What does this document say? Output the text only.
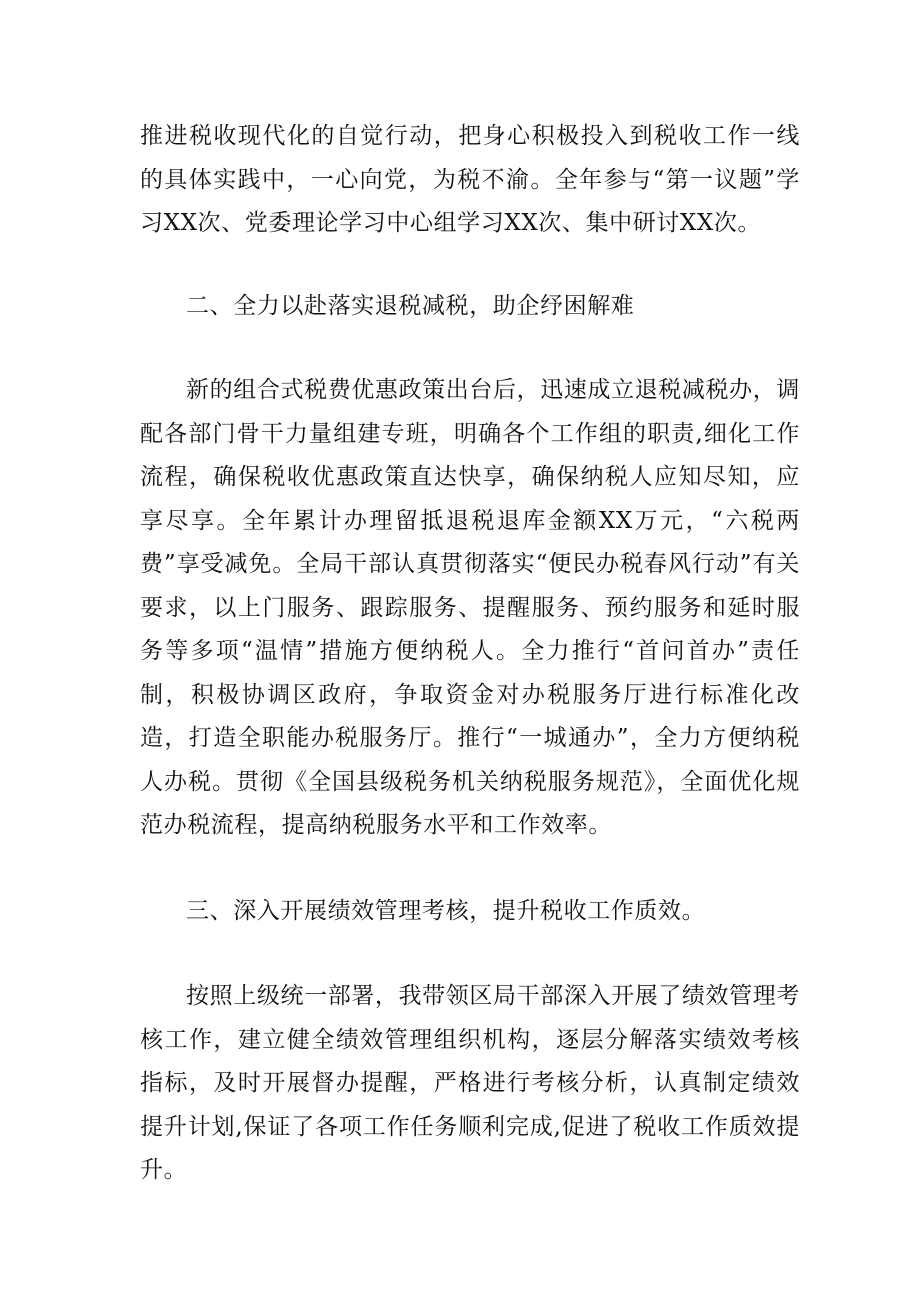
推进税收现代化的自觉行动，把身心积极投入到税收工作一线的具体实践中，一心向党，为税不渝。全年参与“第一议题”学习XX次、党委理论学习中心组学习XX次、集中研讨XX次。

二、全力以赴落实退税减税，助企纾困解难

新的组合式税费优惠政策出台后，迅速成立退税减税办，调配各部门骨干力量组建专班，明确各个工作组的职责,细化工作流程，确保税收优惠政策直达快享，确保纳税人应知尽知，应享尽享。全年累计办理留抵退税退库金额XX万元，“六税两费”享受减免。全局干部认真贯彻落实“便民办税春风行动”有关要求，以上门服务、跟踪服务、提醒服务、预约服务和延时服务等多项“温情”措施方便纳税人。全力推行“首问首办”责任制，积极协调区政府，争取资金对办税服务厅进行标准化改造，打造全职能办税服务厅。推行“一城通办”，全力方便纳税人办税。贯彻《全国县级税务机关纳税服务规范》，全面优化规范办税流程，提高纳税服务水平和工作效率。

三、深入开展绩效管理考核，提升税收工作质效。

按照上级统一部署，我带领区局干部深入开展了绩效管理考核工作，建立健全绩效管理组织机构，逐层分解落实绩效考核指标，及时开展督办提醒，严格进行考核分析，认真制定绩效提升计划,保证了各项工作任务顺利完成,促进了税收工作质效提升。
